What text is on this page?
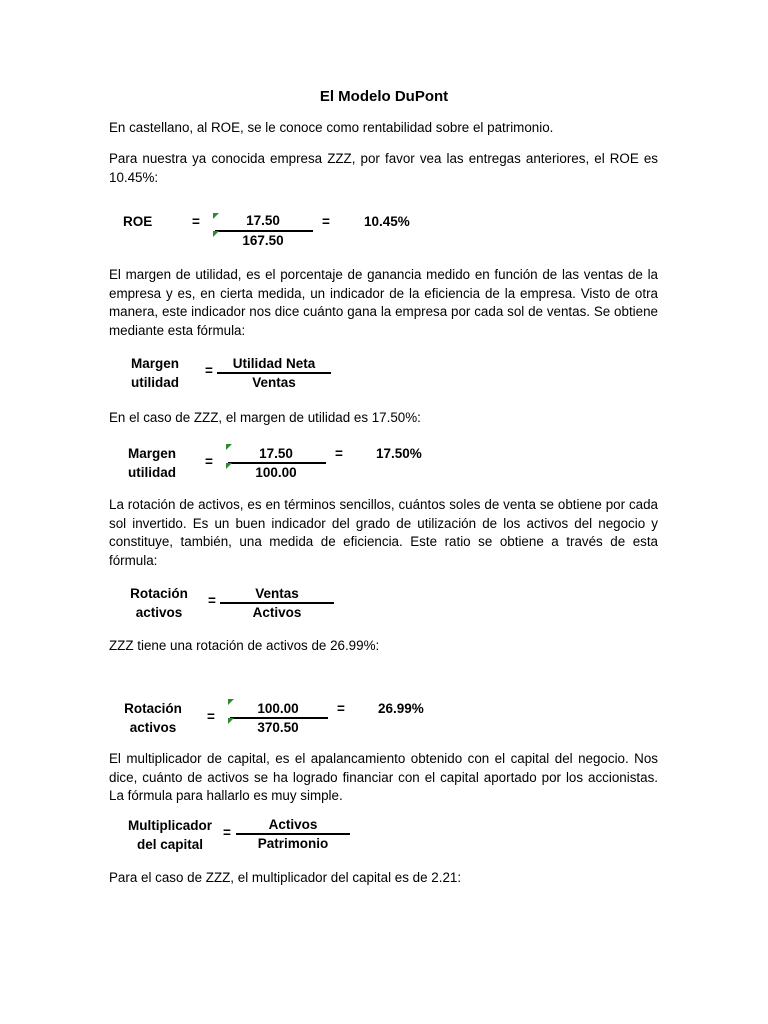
El Modelo DuPont

En castellano, al ROE, se le conoce como rentabilidad sobre el patrimonio.

Para nuestra ya conocida empresa ZZZ, por favor vea las entregas anteriores, el ROE es 10.45%:

ROE	=	17.50
167.50
=	10.45%

El margen de utilidad, es el porcentaje de ganancia medido en función de las ventas de la empresa y es, en cierta medida, un indicador de la eficiencia de la empresa. Visto de otra manera, este indicador nos dice cuánto gana la empresa por cada sol de ventas. Se obtiene mediante esta fórmula:

Margen
utilidad
=	Utilidad Neta
Ventas

En el caso de ZZZ, el margen de utilidad es 17.50%:

Margen
utilidad
=
17.50
100.00
= 17.50%

La rotación de activos, es en términos sencillos, cuántos soles de venta se obtiene por cada sol invertido. Es un buen indicador del grado de utilización de los activos del negocio y constituye, también, una medida de eficiencia. Este ratio se obtiene a través de esta fórmula:

Rotación
activos
=	Ventas
Activos

ZZZ tiene una rotación de activos de 26.99%:

Rotación
activos
=
100.00
370.50
= 26.99%

El multiplicador de capital, es el apalancamiento obtenido con el capital del negocio. Nos dice, cuánto de activos se ha logrado financiar con el capital aportado por los accionistas. La fórmula para hallarlo es muy simple.

Multiplicador
del capital
=
Activos
Patrimonio

Para el caso de ZZZ, el multiplicador del capital es de 2.21:
